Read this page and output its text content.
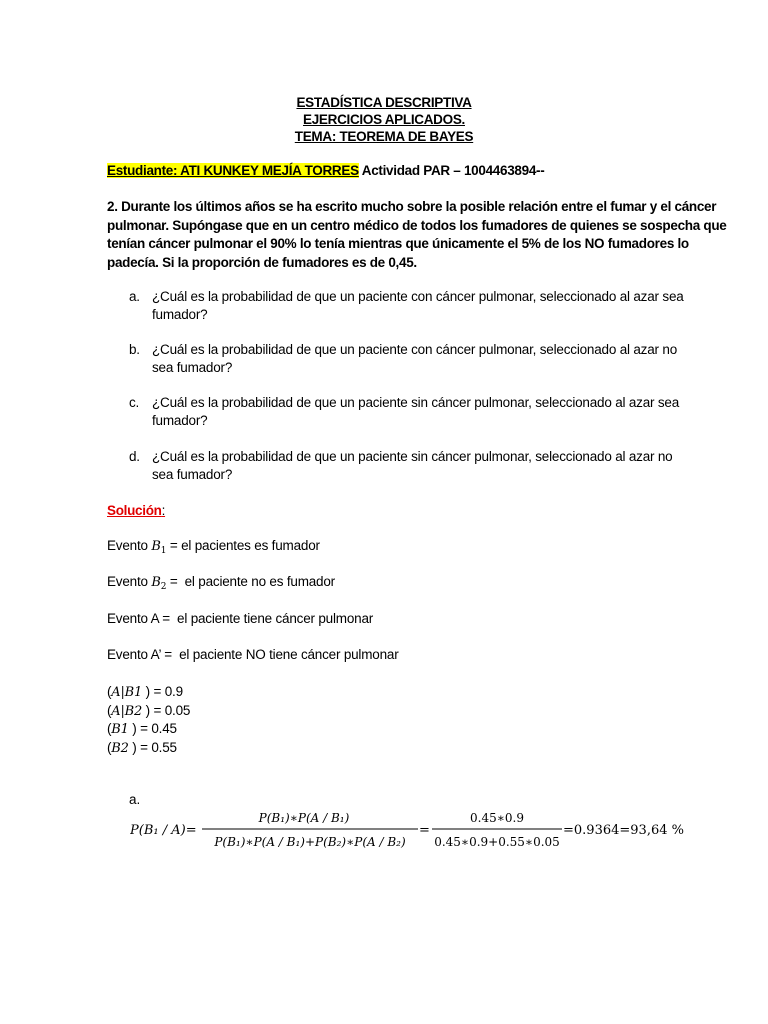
ESTADÍSTICA DESCRIPTIVA
EJERCICIOS APLICADOS.
TEMA: TEOREMA DE BAYES
Estudiante: ATI KUNKEY MEJÍA TORRES Actividad PAR – 1004463894--
2. Durante los últimos años se ha escrito mucho sobre la posible relación entre el fumar y el cáncer
pulmonar. Supóngase que en un centro médico de todos los fumadores de quienes se sospecha que
tenían cáncer pulmonar el 90% lo tenía mientras que únicamente el 5% de los NO fumadores lo
padecía. Si la proporción de fumadores es de 0,45.
a. ¿Cuál es la probabilidad de que un paciente con cáncer pulmonar, seleccionado al azar sea
fumador?
b. ¿Cuál es la probabilidad de que un paciente con cáncer pulmonar, seleccionado al azar no
sea fumador?
c. ¿Cuál es la probabilidad de que un paciente sin cáncer pulmonar, seleccionado al azar sea
fumador?
d. ¿Cuál es la probabilidad de que un paciente sin cáncer pulmonar, seleccionado al azar no
sea fumador?
Solución:
Evento $B_1$ = el pacientes es fumador
Evento $B_2$ =  el paciente no es fumador
Evento A =  el paciente tiene cáncer pulmonar
Evento A’ =  el paciente NO tiene cáncer pulmonar
(A|B1 ) = 0.9
(A|B2 ) = 0.05
(B1 ) = 0.45
(B2 ) = 0.55
a.
P(B₁ / A)=
P(B₁)∗P(A / B₁)
P(B₁)∗P(A / B₁)+P(B₂)∗P(A / B₂)
=
0.45∗0.9
0.45∗0.9+0.55∗0.05
=0.9364=93,64 %
